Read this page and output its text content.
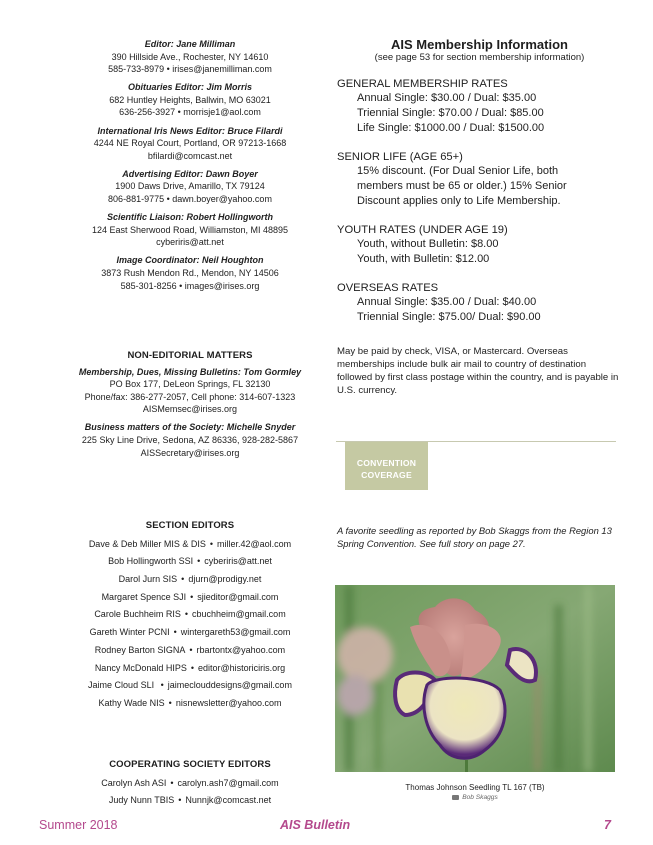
Editor: Jane Milliman
390 Hillside Ave., Rochester, NY 14610
585-733-8979 • irises@janemilliman.com
Obituaries Editor: Jim Morris
682 Huntley Heights, Ballwin, MO 63021
636-256-3927 • morrisje1@aol.com
International Iris News Editor: Bruce Filardi
4244 NE Royal Court, Portland, OR 97213-1668
bfilardi@comcast.net
Advertising Editor: Dawn Boyer
1900 Daws Drive, Amarillo, TX 79124
806-881-9775 • dawn.boyer@yahoo.com
Scientific Liaison: Robert Hollingworth
124 East Sherwood Road, Williamston, MI 48895
cyberiris@att.net
Image Coordinator: Neil Houghton
3873 Rush Mendon Rd., Mendon, NY 14506
585-301-8256 • images@irises.org
NON-EDITORIAL MATTERS
Membership, Dues, Missing Bulletins: Tom Gormley
PO Box 177, DeLeon Springs, FL 32130
Phone/fax: 386-277-2057, Cell phone: 314-607-1323
AISMemsec@irises.org
Business matters of the Society: Michelle Snyder
225 Sky Line Drive, Sedona, AZ 86336, 928-282-5867
AISSecretary@irises.org
SECTION EDITORS
Dave & Deb Miller MIS & DIS • miller.42@aol.com
Bob Hollingworth SSI • cyberiris@att.net
Darol Jurn SIS • djurn@prodigy.net
Margaret Spence SJI • sjieditor@gmail.com
Carole Buchheim RIS • cbuchheim@gmail.com
Gareth Winter PCNI • wintergareth53@gmail.com
Rodney Barton SIGNA • rbartontx@yahoo.com
Nancy McDonald HIPS • editor@historiciris.org
Jaime Cloud SLI • jaimeclouddesigns@gmail.com
Kathy Wade NIS • nisnewsletter@yahoo.com
COOPERATING SOCIETY EDITORS
Carolyn Ash ASI • carolyn.ash7@gmail.com
Judy Nunn TBIS • Nunnjk@comcast.net
AIS Membership Information
(see page 53 for section membership information)
GENERAL MEMBERSHIP RATES
Annual Single: $30.00 / Dual: $35.00
Triennial Single: $70.00 / Dual: $85.00
Life Single: $1000.00 / Dual: $1500.00
SENIOR LIFE (AGE 65+)
15% discount. (For Dual Senior Life, both members must be 65 or older.) 15% Senior Discount applies only to Life Membership.
YOUTH RATES (UNDER AGE 19)
Youth, without Bulletin: $8.00
Youth, with Bulletin: $12.00
OVERSEAS RATES
Annual Single: $35.00 / Dual: $40.00
Triennial Single: $75.00/ Dual: $90.00
May be paid by check, VISA, or Mastercard. Overseas memberships include bulk air mail to country of destination followed by first class postage within the country, and is payable in U.S. currency.
CONVENTION
COVERAGE
A favorite seedling as reported by Bob Skaggs from the Region 13 Spring Convention. See full story on page 27.
Thomas Johnson Seedling TL 167 (TB)
Bob Skaggs
Summer 2018	AIS Bulletin	7
